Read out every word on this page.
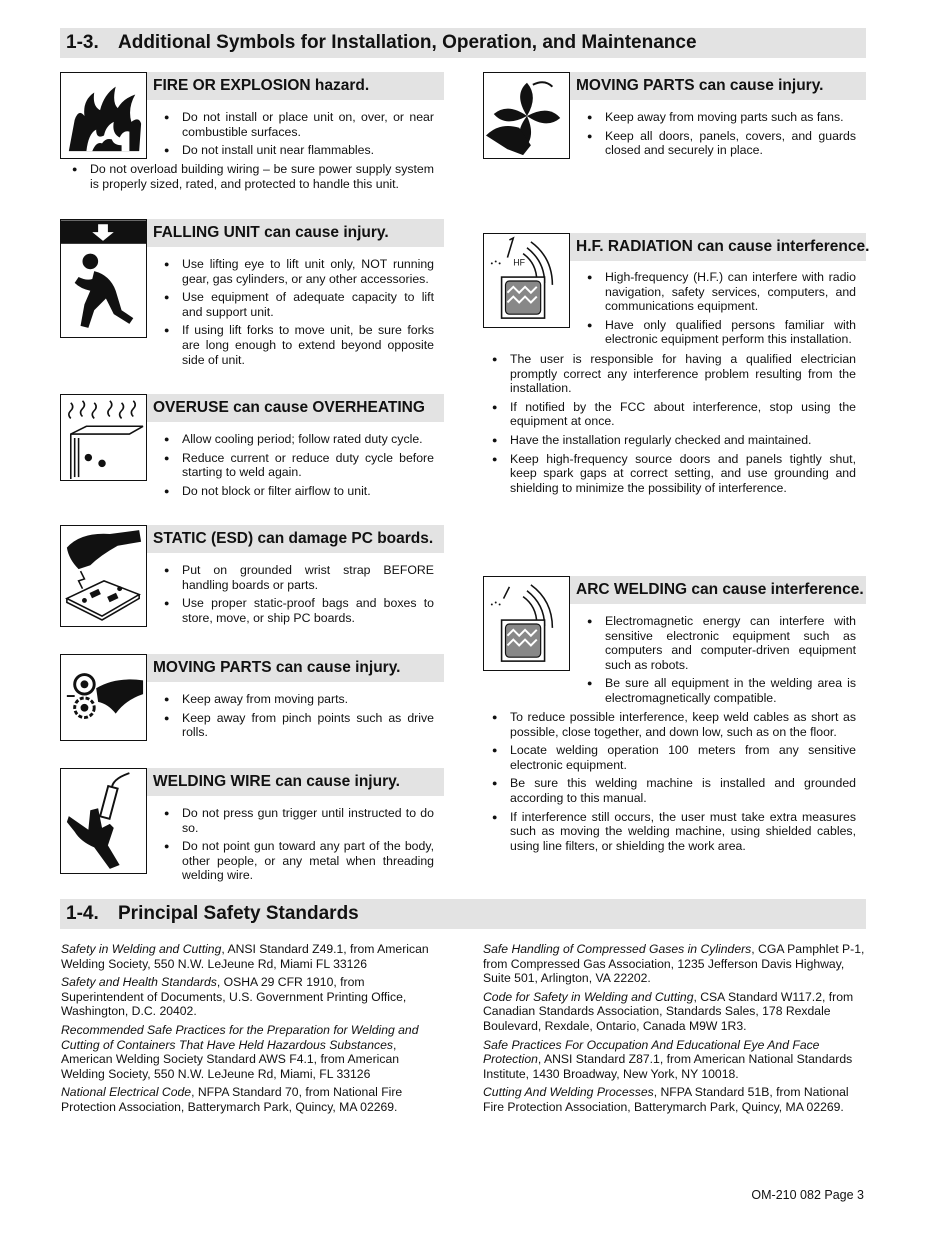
1-3. Additional Symbols for Installation, Operation, and Maintenance
FIRE OR EXPLOSION hazard.
● Do not install or place unit on, over, or near combustible surfaces.
● Do not install unit near flammables.
● Do not overload building wiring – be sure power supply system is properly sized, rated, and protected to handle this unit.
FALLING UNIT can cause injury.
● Use lifting eye to lift unit only, NOT running gear, gas cylinders, or any other accessories.
● Use equipment of adequate capacity to lift and support unit.
● If using lift forks to move unit, be sure forks are long enough to extend beyond opposite side of unit.
OVERUSE can cause OVERHEATING
● Allow cooling period; follow rated duty cycle.
● Reduce current or reduce duty cycle before starting to weld again.
● Do not block or filter airflow to unit.
STATIC (ESD) can damage PC boards.
● Put on grounded wrist strap BEFORE handling boards or parts.
● Use proper static-proof bags and boxes to store, move, or ship PC boards.
MOVING PARTS can cause injury.
● Keep away from moving parts.
● Keep away from pinch points such as drive rolls.
WELDING WIRE can cause injury.
● Do not press gun trigger until instructed to do so.
● Do not point gun toward any part of the body, other people, or any metal when threading welding wire.
MOVING PARTS can cause injury.
● Keep away from moving parts such as fans.
● Keep all doors, panels, covers, and guards closed and securely in place.
HF
H.F. RADIATION can cause interference.
● High-frequency (H.F.) can interfere with radio navigation, safety services, computers, and communications equipment.
● Have only qualified persons familiar with electronic equipment perform this installation.
● The user is responsible for having a qualified electrician promptly correct any interference problem resulting from the installation.
● If notified by the FCC about interference, stop using the equipment at once.
● Have the installation regularly checked and maintained.
● Keep high-frequency source doors and panels tightly shut, keep spark gaps at correct setting, and use grounding and shielding to minimize the possibility of interference.
ARC WELDING can cause interference.
● Electromagnetic energy can interfere with sensitive electronic equipment such as computers and computer-driven equipment such as robots.
● Be sure all equipment in the welding area is electromagnetically compatible.
● To reduce possible interference, keep weld cables as short as possible, close together, and down low, such as on the floor.
● Locate welding operation 100 meters from any sensitive electronic equipment.
● Be sure this welding machine is installed and grounded according to this manual.
● If interference still occurs, the user must take extra measures such as moving the welding machine, using shielded cables, using line filters, or shielding the work area.
1-4. Principal Safety Standards

Safety in Welding and Cutting, ANSI Standard Z49.1, from American Welding Society, 550 N.W. LeJeune Rd, Miami FL 33126

Safety and Health Standards, OSHA 29 CFR 1910, from Superintendent of Documents, U.S. Government Printing Office, Washington, D.C. 20402.

Recommended Safe Practices for the Preparation for Welding and Cutting of Containers That Have Held Hazardous Substances, American Welding Society Standard AWS F4.1, from American Welding Society, 550 N.W. LeJeune Rd, Miami, FL 33126

National Electrical Code, NFPA Standard 70, from National Fire Protection Association, Batterymarch Park, Quincy, MA 02269.

Safe Handling of Compressed Gases in Cylinders, CGA Pamphlet P-1, from Compressed Gas Association, 1235 Jefferson Davis Highway, Suite 501, Arlington, VA 22202.

Code for Safety in Welding and Cutting, CSA Standard W117.2, from Canadian Standards Association, Standards Sales, 178 Rexdale Boulevard, Rexdale, Ontario, Canada M9W 1R3.

Safe Practices For Occupation And Educational Eye And Face Protection, ANSI Standard Z87.1, from American National Standards Institute, 1430 Broadway, New York, NY 10018.

Cutting And Welding Processes, NFPA Standard 51B, from National Fire Protection Association, Batterymarch Park, Quincy, MA 02269.

OM-210 082 Page 3
